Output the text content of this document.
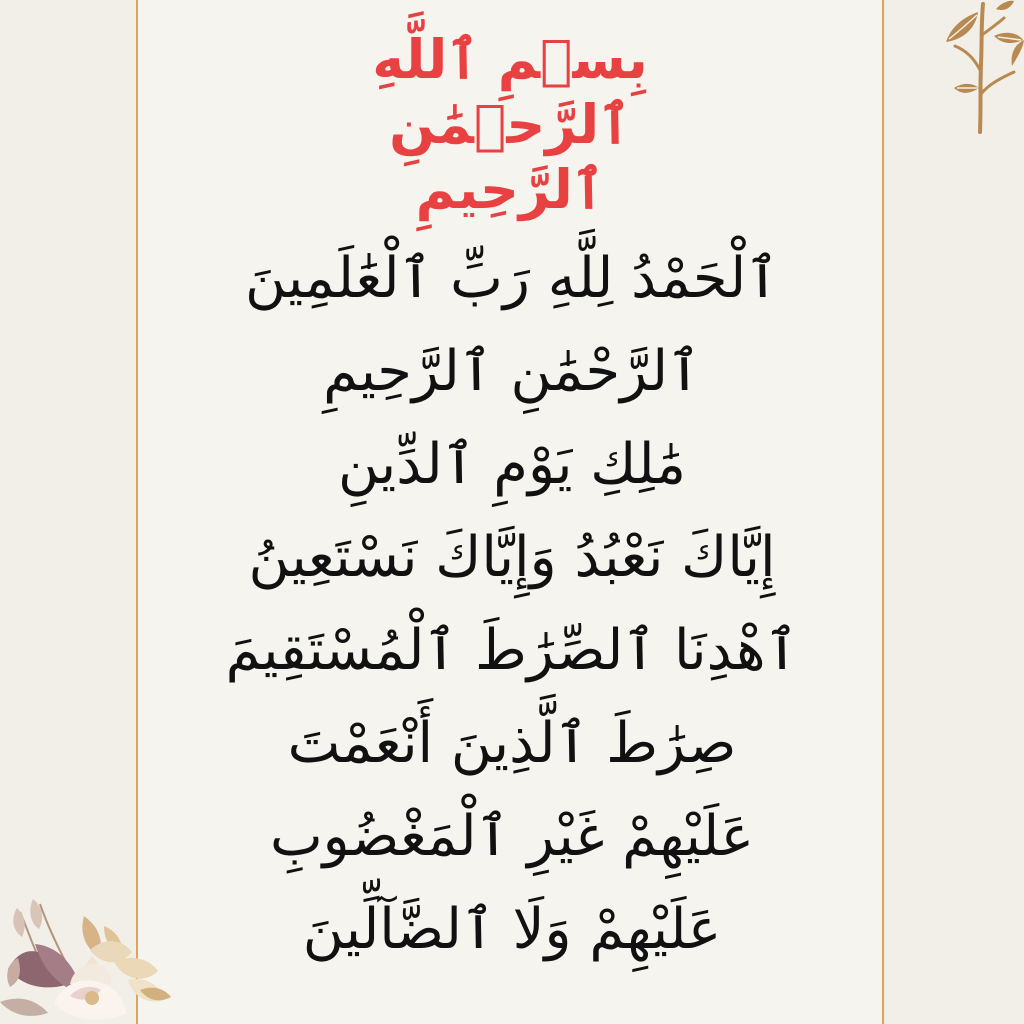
بِسۡمِ ٱللَّهِ ٱلرَّحۡمَٰنِ ٱلرَّحِيمِ
ٱلْحَمْدُ لِلَّهِ رَبِّ ٱلْعَٰلَمِينَ
ٱلرَّحْمَٰنِ ٱلرَّحِيمِ
مَٰلِكِ يَوْمِ ٱلدِّينِ
إِيَّاكَ نَعْبُدُ وَإِيَّاكَ نَسْتَعِينُ
ٱهْدِنَا ٱلصِّرَٰطَ ٱلْمُسْتَقِيمَ
صِرَٰطَ ٱلَّذِينَ أَنْعَمْتَ
عَلَيْهِمْ غَيْرِ ٱلْمَغْضُوبِ
عَلَيْهِمْ وَلَا ٱلضَّآلِّينَ
